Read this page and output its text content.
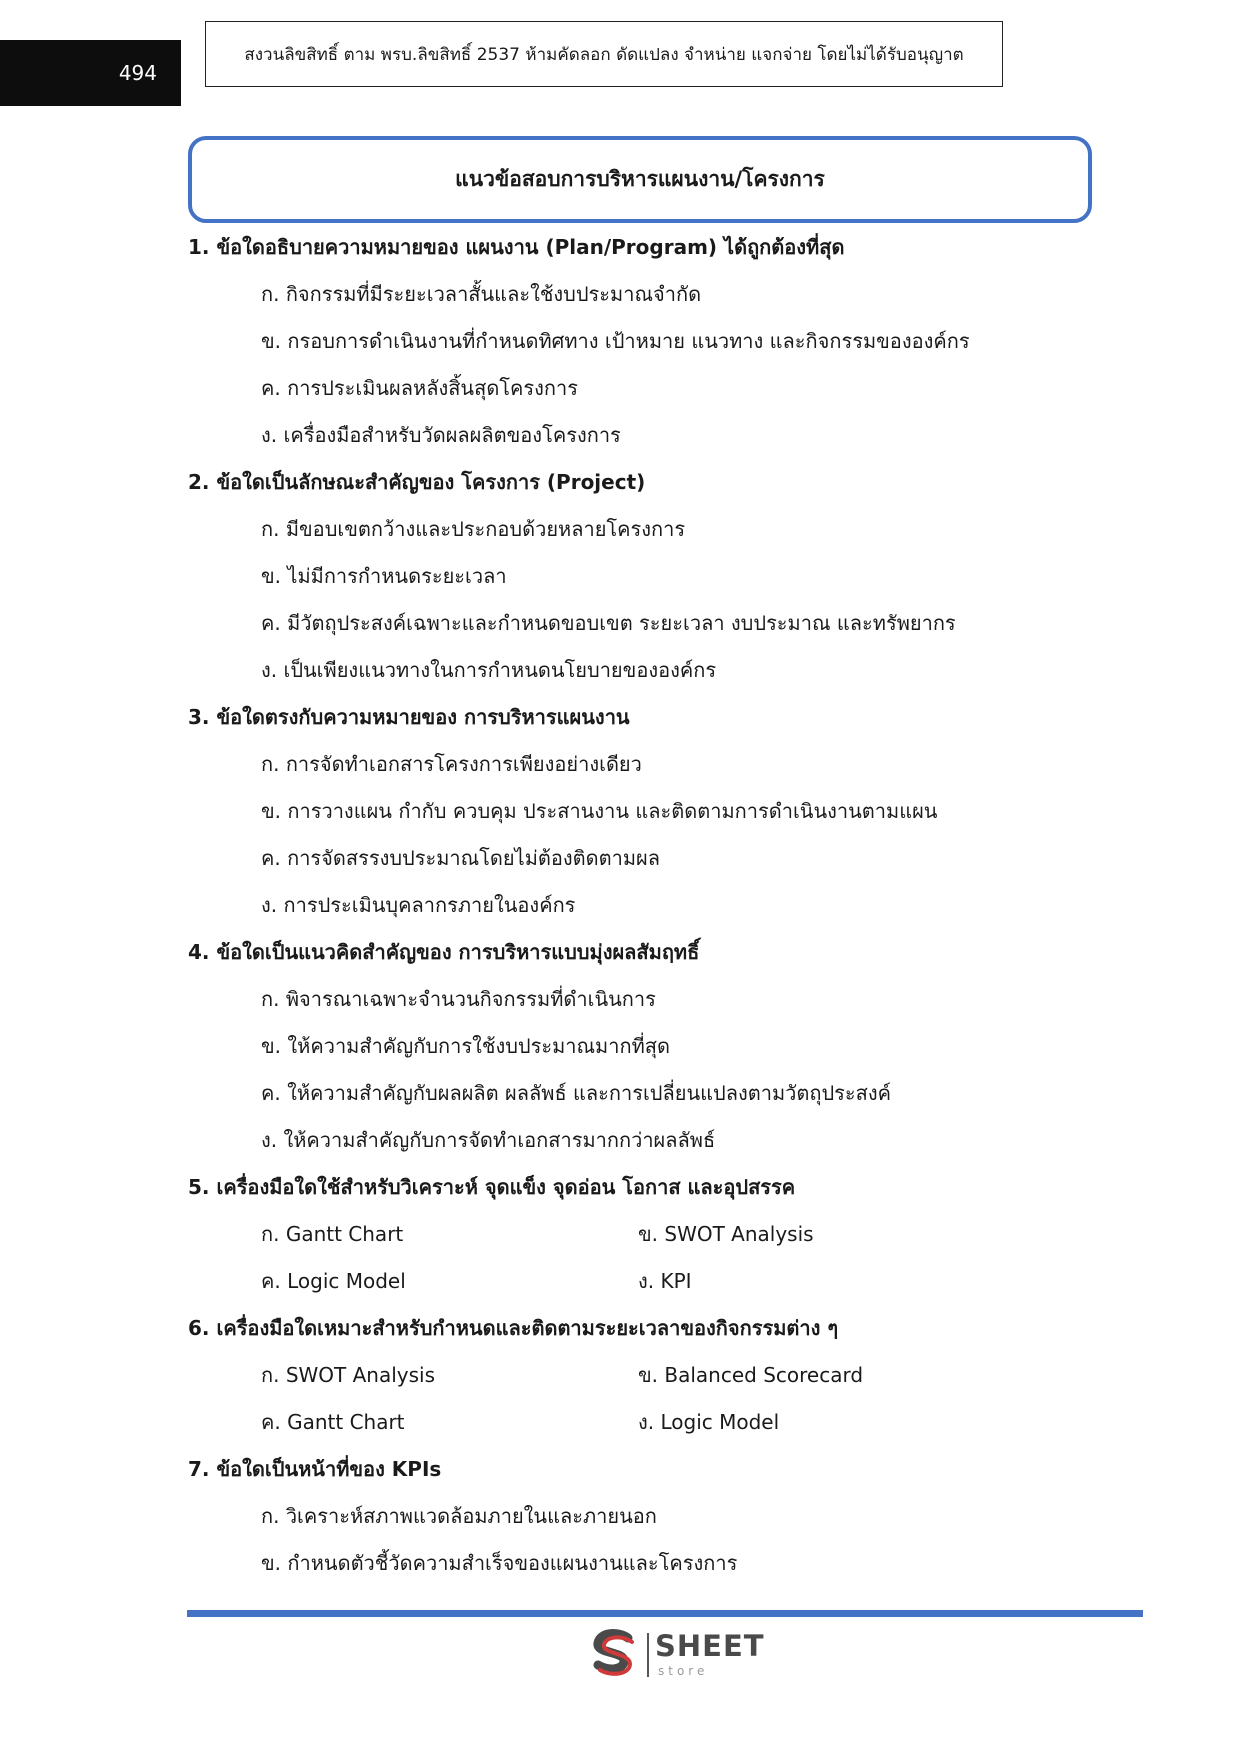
494
สงวนลิขสิทธิ์ ตาม พรบ.ลิขสิทธิ์ 2537 ห้ามคัดลอก ดัดแปลง จำหน่าย แจกจ่าย โดยไม่ได้รับอนุญาต
แนวข้อสอบการบริหารแผนงาน/โครงการ
1. ข้อใดอธิบายความหมายของ แผนงาน (Plan/Program) ได้ถูกต้องที่สุด
ก. กิจกรรมที่มีระยะเวลาสั้นและใช้งบประมาณจำกัด
ข. กรอบการดำเนินงานที่กำหนดทิศทาง เป้าหมาย แนวทาง และกิจกรรมขององค์กร
ค. การประเมินผลหลังสิ้นสุดโครงการ
ง. เครื่องมือสำหรับวัดผลผลิตของโครงการ
2. ข้อใดเป็นลักษณะสำคัญของ โครงการ (Project)
ก. มีขอบเขตกว้างและประกอบด้วยหลายโครงการ
ข. ไม่มีการกำหนดระยะเวลา
ค. มีวัตถุประสงค์เฉพาะและกำหนดขอบเขต ระยะเวลา งบประมาณ และทรัพยากร
ง. เป็นเพียงแนวทางในการกำหนดนโยบายขององค์กร
3. ข้อใดตรงกับความหมายของ การบริหารแผนงาน
ก. การจัดทำเอกสารโครงการเพียงอย่างเดียว
ข. การวางแผน กำกับ ควบคุม ประสานงาน และติดตามการดำเนินงานตามแผน
ค. การจัดสรรงบประมาณโดยไม่ต้องติดตามผล
ง. การประเมินบุคลากรภายในองค์กร
4. ข้อใดเป็นแนวคิดสำคัญของ การบริหารแบบมุ่งผลสัมฤทธิ์
ก. พิจารณาเฉพาะจำนวนกิจกรรมที่ดำเนินการ
ข. ให้ความสำคัญกับการใช้งบประมาณมากที่สุด
ค. ให้ความสำคัญกับผลผลิต ผลลัพธ์ และการเปลี่ยนแปลงตามวัตถุประสงค์
ง. ให้ความสำคัญกับการจัดทำเอกสารมากกว่าผลลัพธ์
5. เครื่องมือใดใช้สำหรับวิเคราะห์ จุดแข็ง จุดอ่อน โอกาส และอุปสรรค
ก. Gantt Chart	ข. SWOT Analysis
ค. Logic Model	ง. KPI
6. เครื่องมือใดเหมาะสำหรับกำหนดและติดตามระยะเวลาของกิจกรรมต่าง ๆ
ก. SWOT Analysis	ข. Balanced Scorecard
ค. Gantt Chart	ง. Logic Model
7. ข้อใดเป็นหน้าที่ของ KPIs
ก. วิเคราะห์สภาพแวดล้อมภายในและภายนอก
ข. กำหนดตัวชี้วัดความสำเร็จของแผนงานและโครงการ
SHEET
store
